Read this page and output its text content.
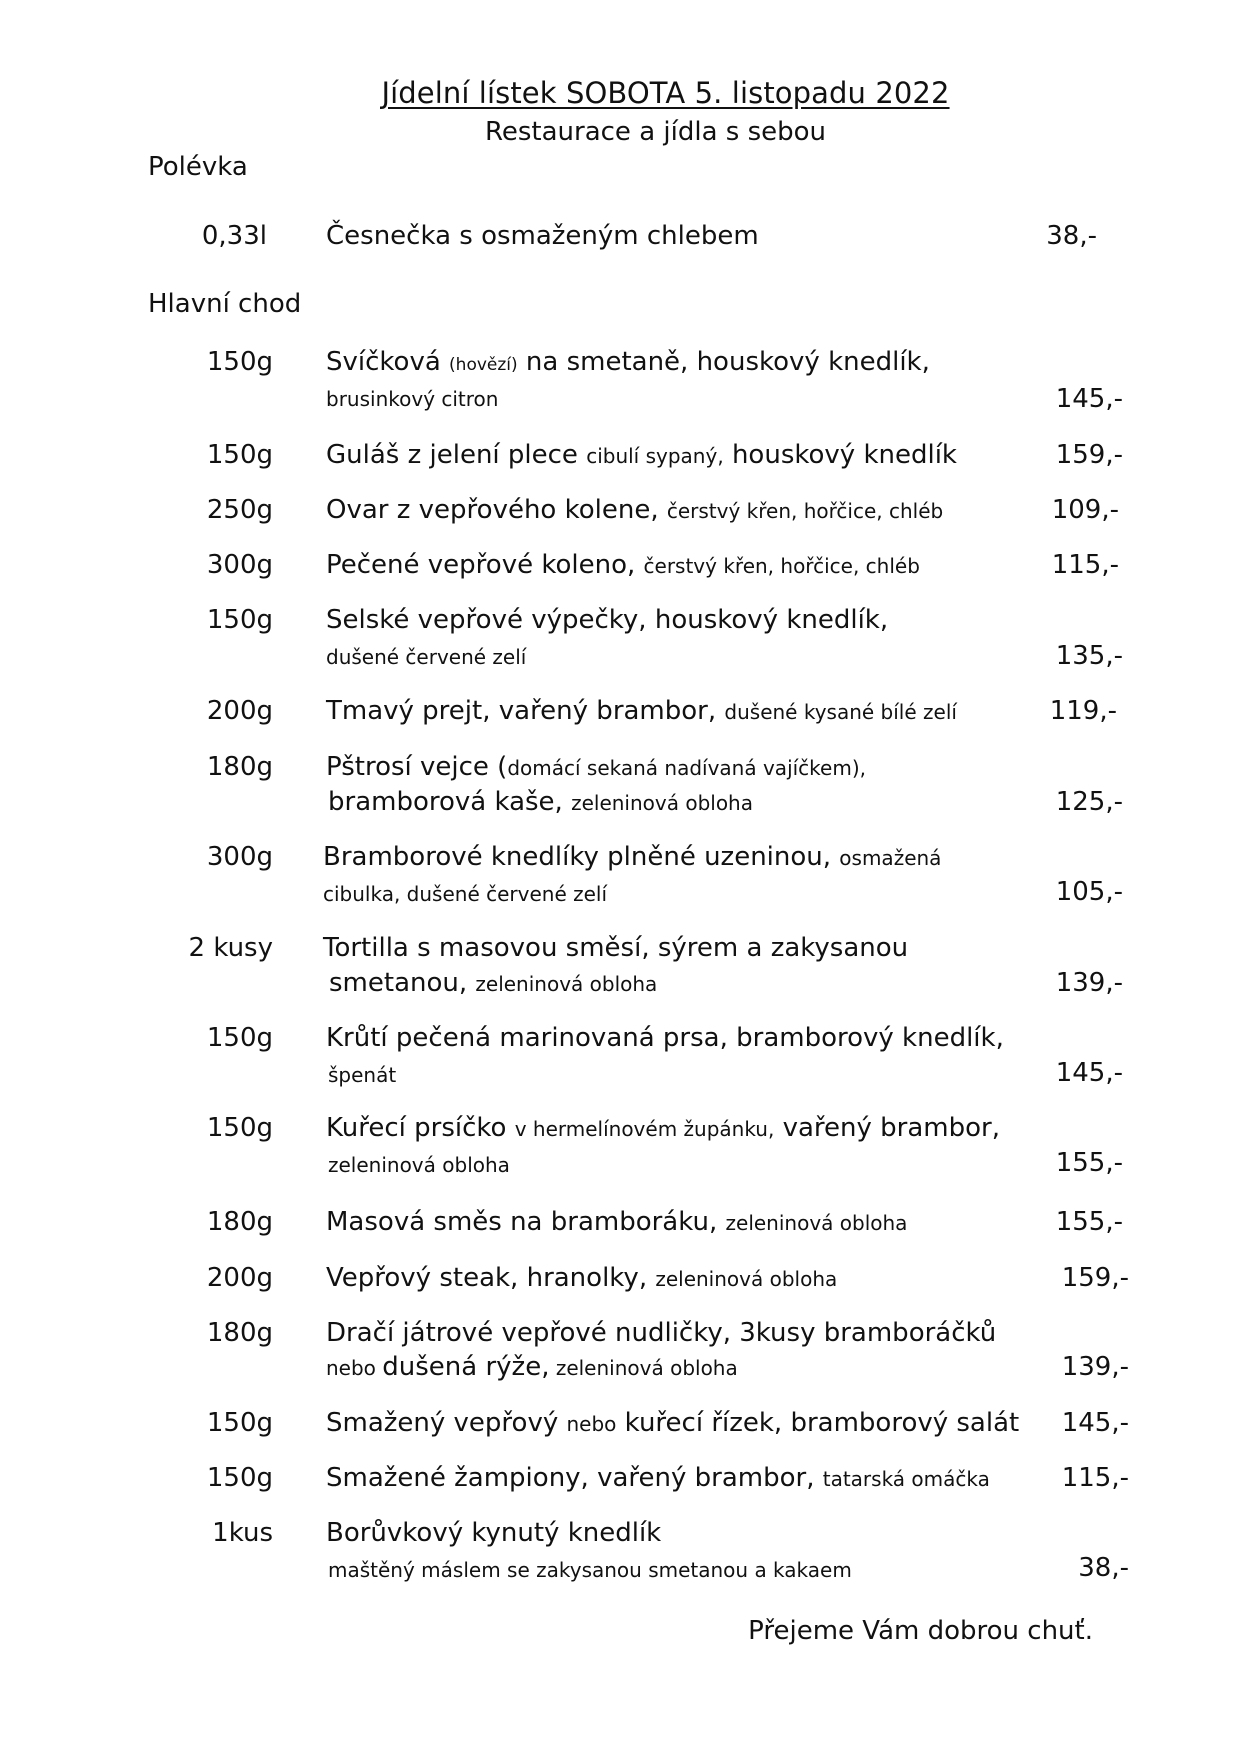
Jídelní lístek SOBOTA 5. listopadu 2022
Restaurace a jídla s sebou
Polévka
0,33l Česnečka s osmaženým chlebem	38,-
Hlavní chod
150g Svíčková (hovězí) na smetaně, houskový knedlík,
brusinkový citron	145,-
150g Guláš z jelení plece cibulí sypaný, houskový knedlík	159,-
250g Ovar z vepřového kolene, čerstvý křen, hořčice, chléb	109,-
300g Pečené vepřové koleno, čerstvý křen, hořčice, chléb	115,-
150g Selské vepřové výpečky, houskový knedlík,
dušené červené zelí	135,-
200g Tmavý prejt, vařený brambor, dušené kysané bílé zelí	119,-
180g Pštrosí vejce (domácí sekaná nadívaná vajíčkem),
bramborová kaše, zeleninová obloha	125,-
300g Bramborové knedlíky plněné uzeninou, osmažená
cibulka, dušené červené zelí	105,-
2 kusy Tortilla s masovou směsí, sýrem a zakysanou
smetanou, zeleninová obloha	139,-
150g Krůtí pečená marinovaná prsa, bramborový knedlík,
špenát	145,-
150g Kuřecí prsíčko v hermelínovém župánku, vařený brambor,
zeleninová obloha	155,-
180g Masová směs na bramboráku, zeleninová obloha	155,-
200g Vepřový steak, hranolky, zeleninová obloha	159,-
180g Dračí játrové vepřové nudličky, 3kusy bramboráčků
nebo dušená rýže, zeleninová obloha	139,-
150g Smažený vepřový nebo kuřecí řízek, bramborový salát 145,-
150g Smažené žampiony, vařený brambor, tatarská omáčka	115,-
1kus Borůvkový kynutý knedlík
maštěný máslem se zakysanou smetanou a kakaem	38,-
Přejeme Vám dobrou chuť.
